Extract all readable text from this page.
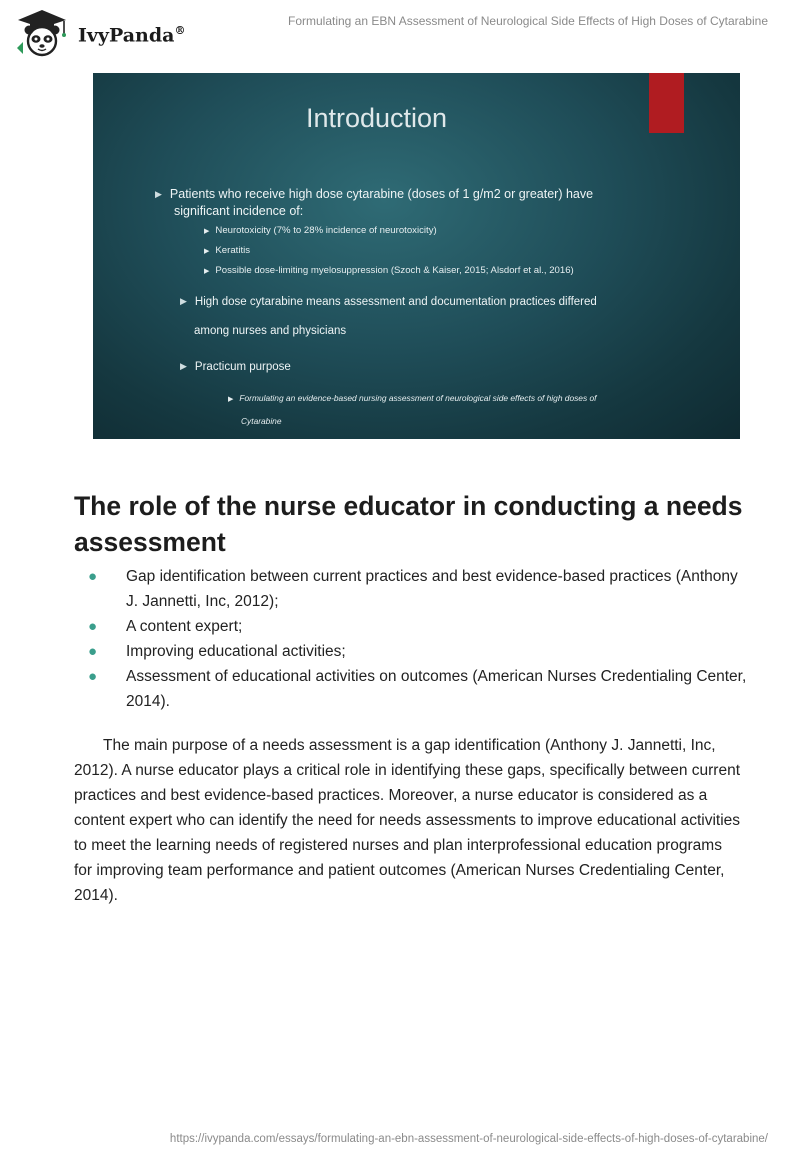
IvyPanda®
Formulating an EBN Assessment of Neurological Side Effects of High Doses of Cytarabine
Introduction
▶ Patients who receive high dose cytarabine (doses of 1 g/m2 or greater) have
significant incidence of:
▶ Neurotoxicity (7% to 28% incidence of neurotoxicity)
▶ Keratitis
▶ Possible dose-limiting myelosuppression (Szoch & Kaiser, 2015; Alsdorf et al., 2016)
▶ High dose cytarabine means assessment and documentation practices differed
among nurses and physicians
▶ Practicum purpose
▶ Formulating an evidence-based nursing assessment of neurological side effects of high doses of
Cytarabine
The role of the nurse educator in conducting a needs assessment
● Gap identification between current practices and best evidence-based practices (Anthony J. Jannetti, Inc, 2012);
● A content expert;
● Improving educational activities;
● Assessment of educational activities on outcomes (American Nurses Credentialing Center, 2014).

The main purpose of a needs assessment is a gap identification (Anthony J. Jannetti, Inc, 2012). A nurse educator plays a critical role in identifying these gaps, specifically between current practices and best evidence-based practices. Moreover, a nurse educator is considered as a content expert who can identify the need for needs assessments to improve educational activities to meet the learning needs of registered nurses and plan interprofessional education programs for improving team performance and patient outcomes (American Nurses Credentialing Center, 2014).

https://ivypanda.com/essays/formulating-an-ebn-assessment-of-neurological-side-effects-of-high-doses-of-cytarabine/
